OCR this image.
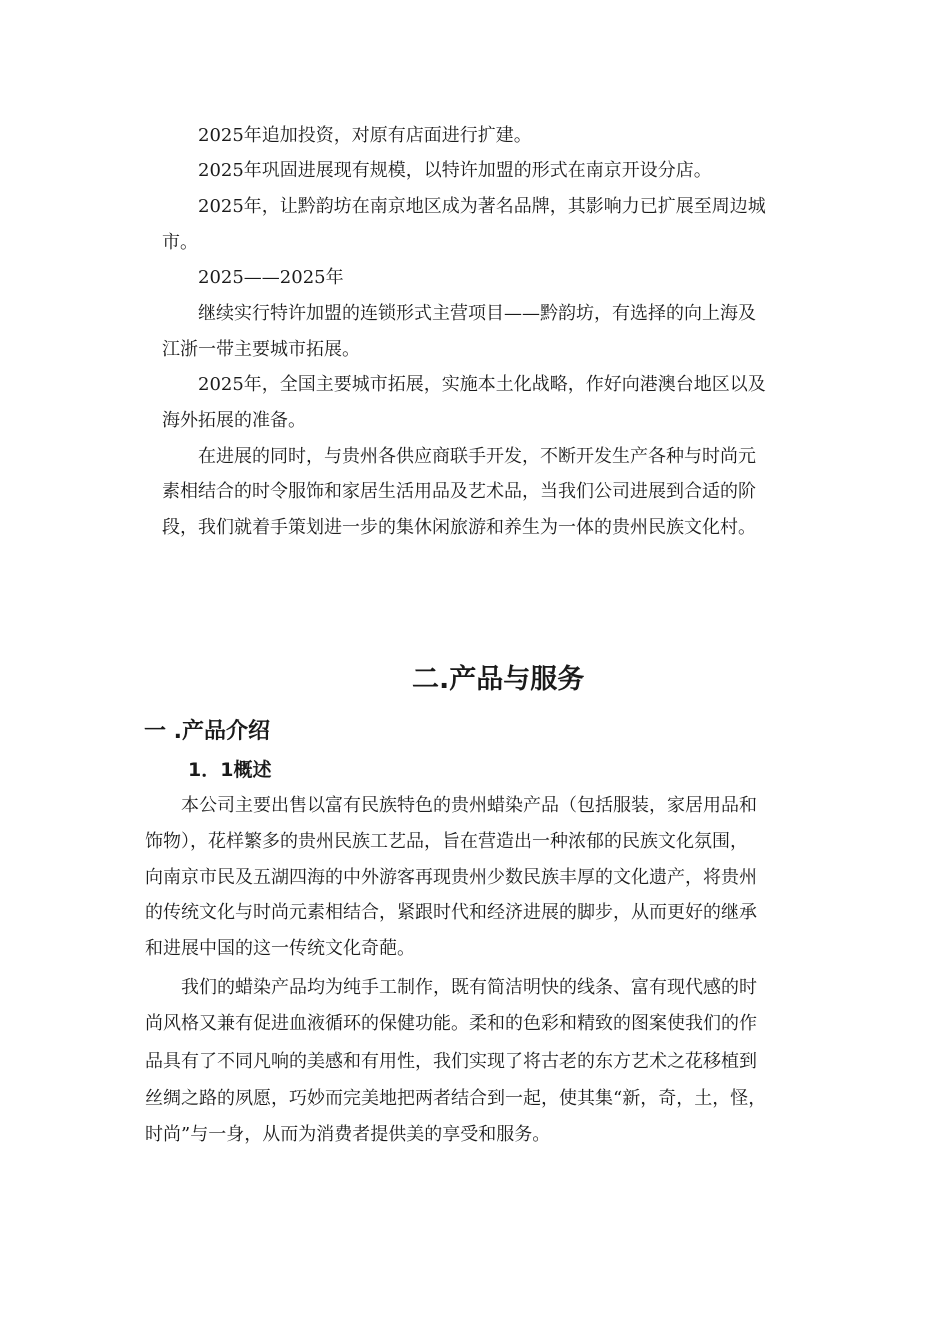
2025年追加投资，对原有店面进行扩建。
2025年巩固进展现有规模，以特许加盟的形式在南京开设分店。
2025年，让黔韵坊在南京地区成为著名品牌，其影响力已扩展至周边城
市。
2025——2025年
继续实行特许加盟的连锁形式主营项目——黔韵坊，有选择的向上海及
江浙一带主要城市拓展。
2025年，全国主要城市拓展，实施本土化战略，作好向港澳台地区以及
海外拓展的准备。
在进展的同时，与贵州各供应商联手开发，不断开发生产各种与时尚元
素相结合的时令服饰和家居生活用品及艺术品，当我们公司进展到合适的阶
段，我们就着手策划进一步的集休闲旅游和养生为一体的贵州民族文化村。
二.产品与服务
一 .产品介绍
1．1概述
本公司主要出售以富有民族特色的贵州蜡染产品（包括服装，家居用品和
饰物），花样繁多的贵州民族工艺品，旨在营造出一种浓郁的民族文化氛围，
向南京市民及五湖四海的中外游客再现贵州少数民族丰厚的文化遗产，将贵州
的传统文化与时尚元素相结合，紧跟时代和经济进展的脚步，从而更好的继承
和进展中国的这一传统文化奇葩。
我们的蜡染产品均为纯手工制作，既有简洁明快的线条、富有现代感的时
尚风格又兼有促进血液循环的保健功能。柔和的色彩和精致的图案使我们的作
品具有了不同凡响的美感和有用性，我们实现了将古老的东方艺术之花移植到
丝绸之路的夙愿，巧妙而完美地把两者结合到一起，使其集“新，奇，土，怪，
时尚”与一身，从而为消费者提供美的享受和服务。
